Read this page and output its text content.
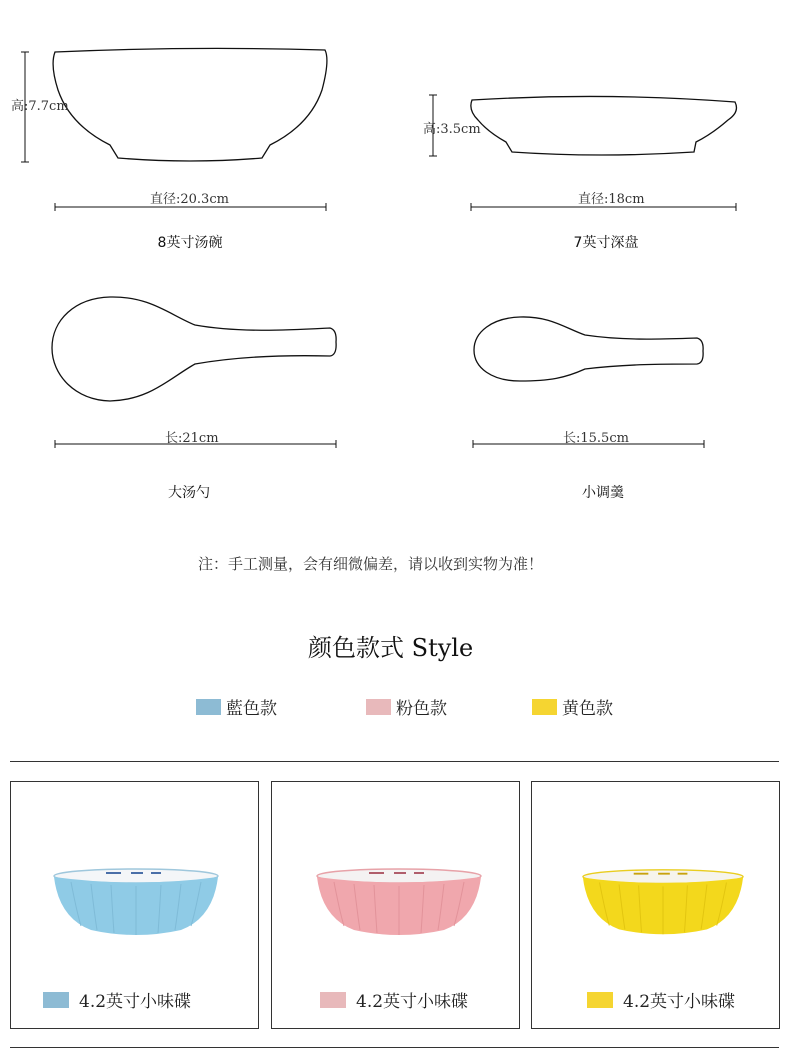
高:7.7cm
直径:20.3cm
8英寸汤碗
高:3.5cm
直径:18cm
7英寸深盘
长:21cm
大汤勺
长:15.5cm
小调羹
注：手工测量，会有细微偏差，请以收到实物为准！
颜色款式 Style
藍色款	粉色款	黄色款
4.2英寸小味碟	4.2英寸小味碟	4.2英寸小味碟
